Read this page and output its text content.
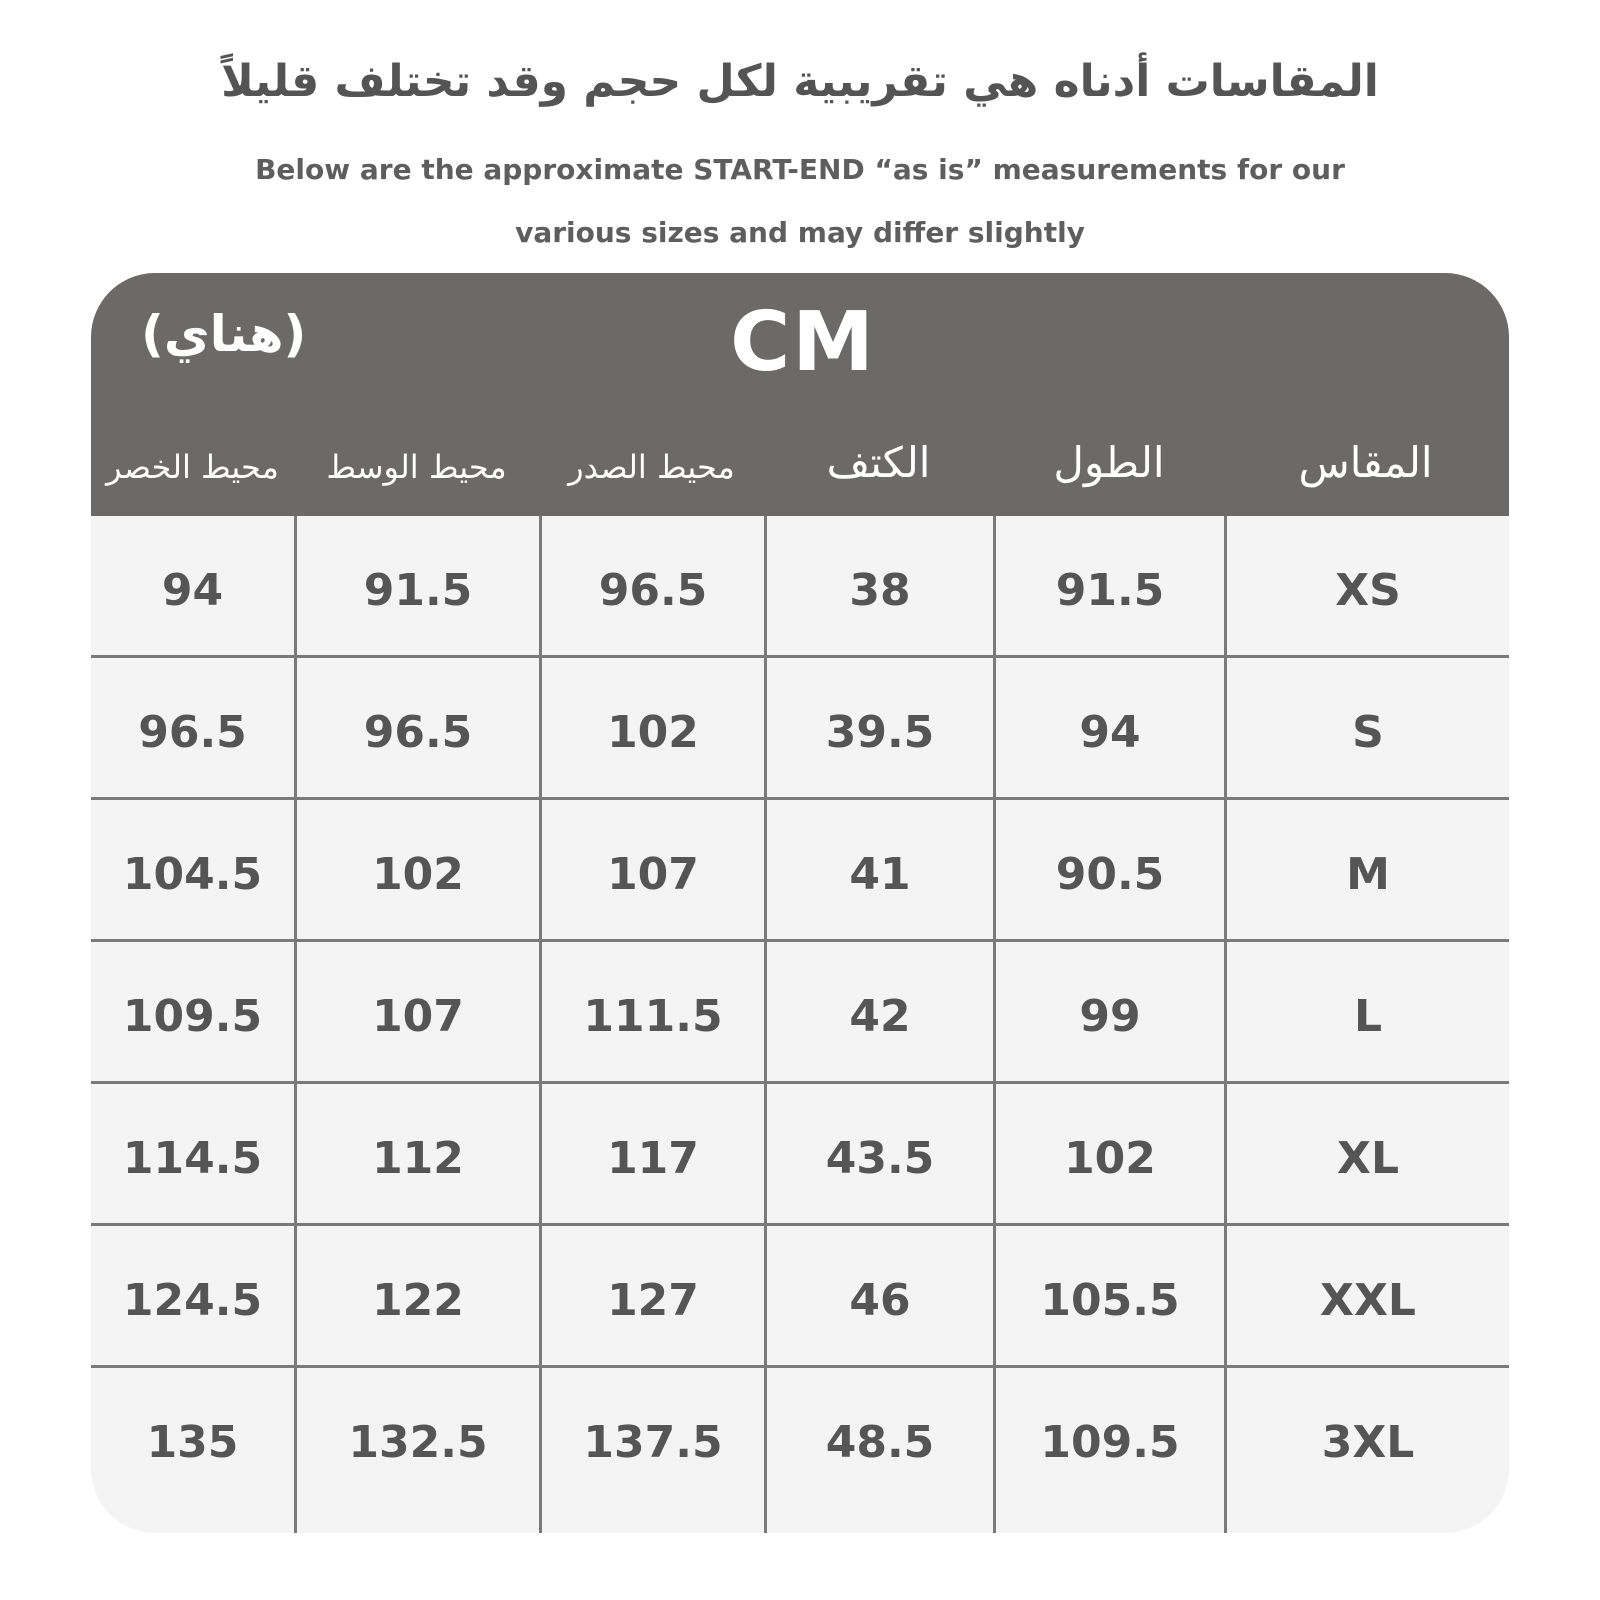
المقاسات أدناه هي تقريبية لكل حجم وقد تختلف قليلاً
Below are the approximate START-END “as is” measurements for our various sizes and may differ slightly
CM
(هناي)
المقاس
الطول
الكتف
محيط الصدر
محيط الوسط
محيط الخصر
XS
91.5
38
96.5
91.5
94
S
94
39.5
102
96.5
96.5
M
90.5
41
107
102
104.5
L
99
42
111.5
107
109.5
XL
102
43.5
117
112
114.5
XXL
105.5
46
127
122
124.5
3XL
109.5
48.5
137.5
132.5
135
